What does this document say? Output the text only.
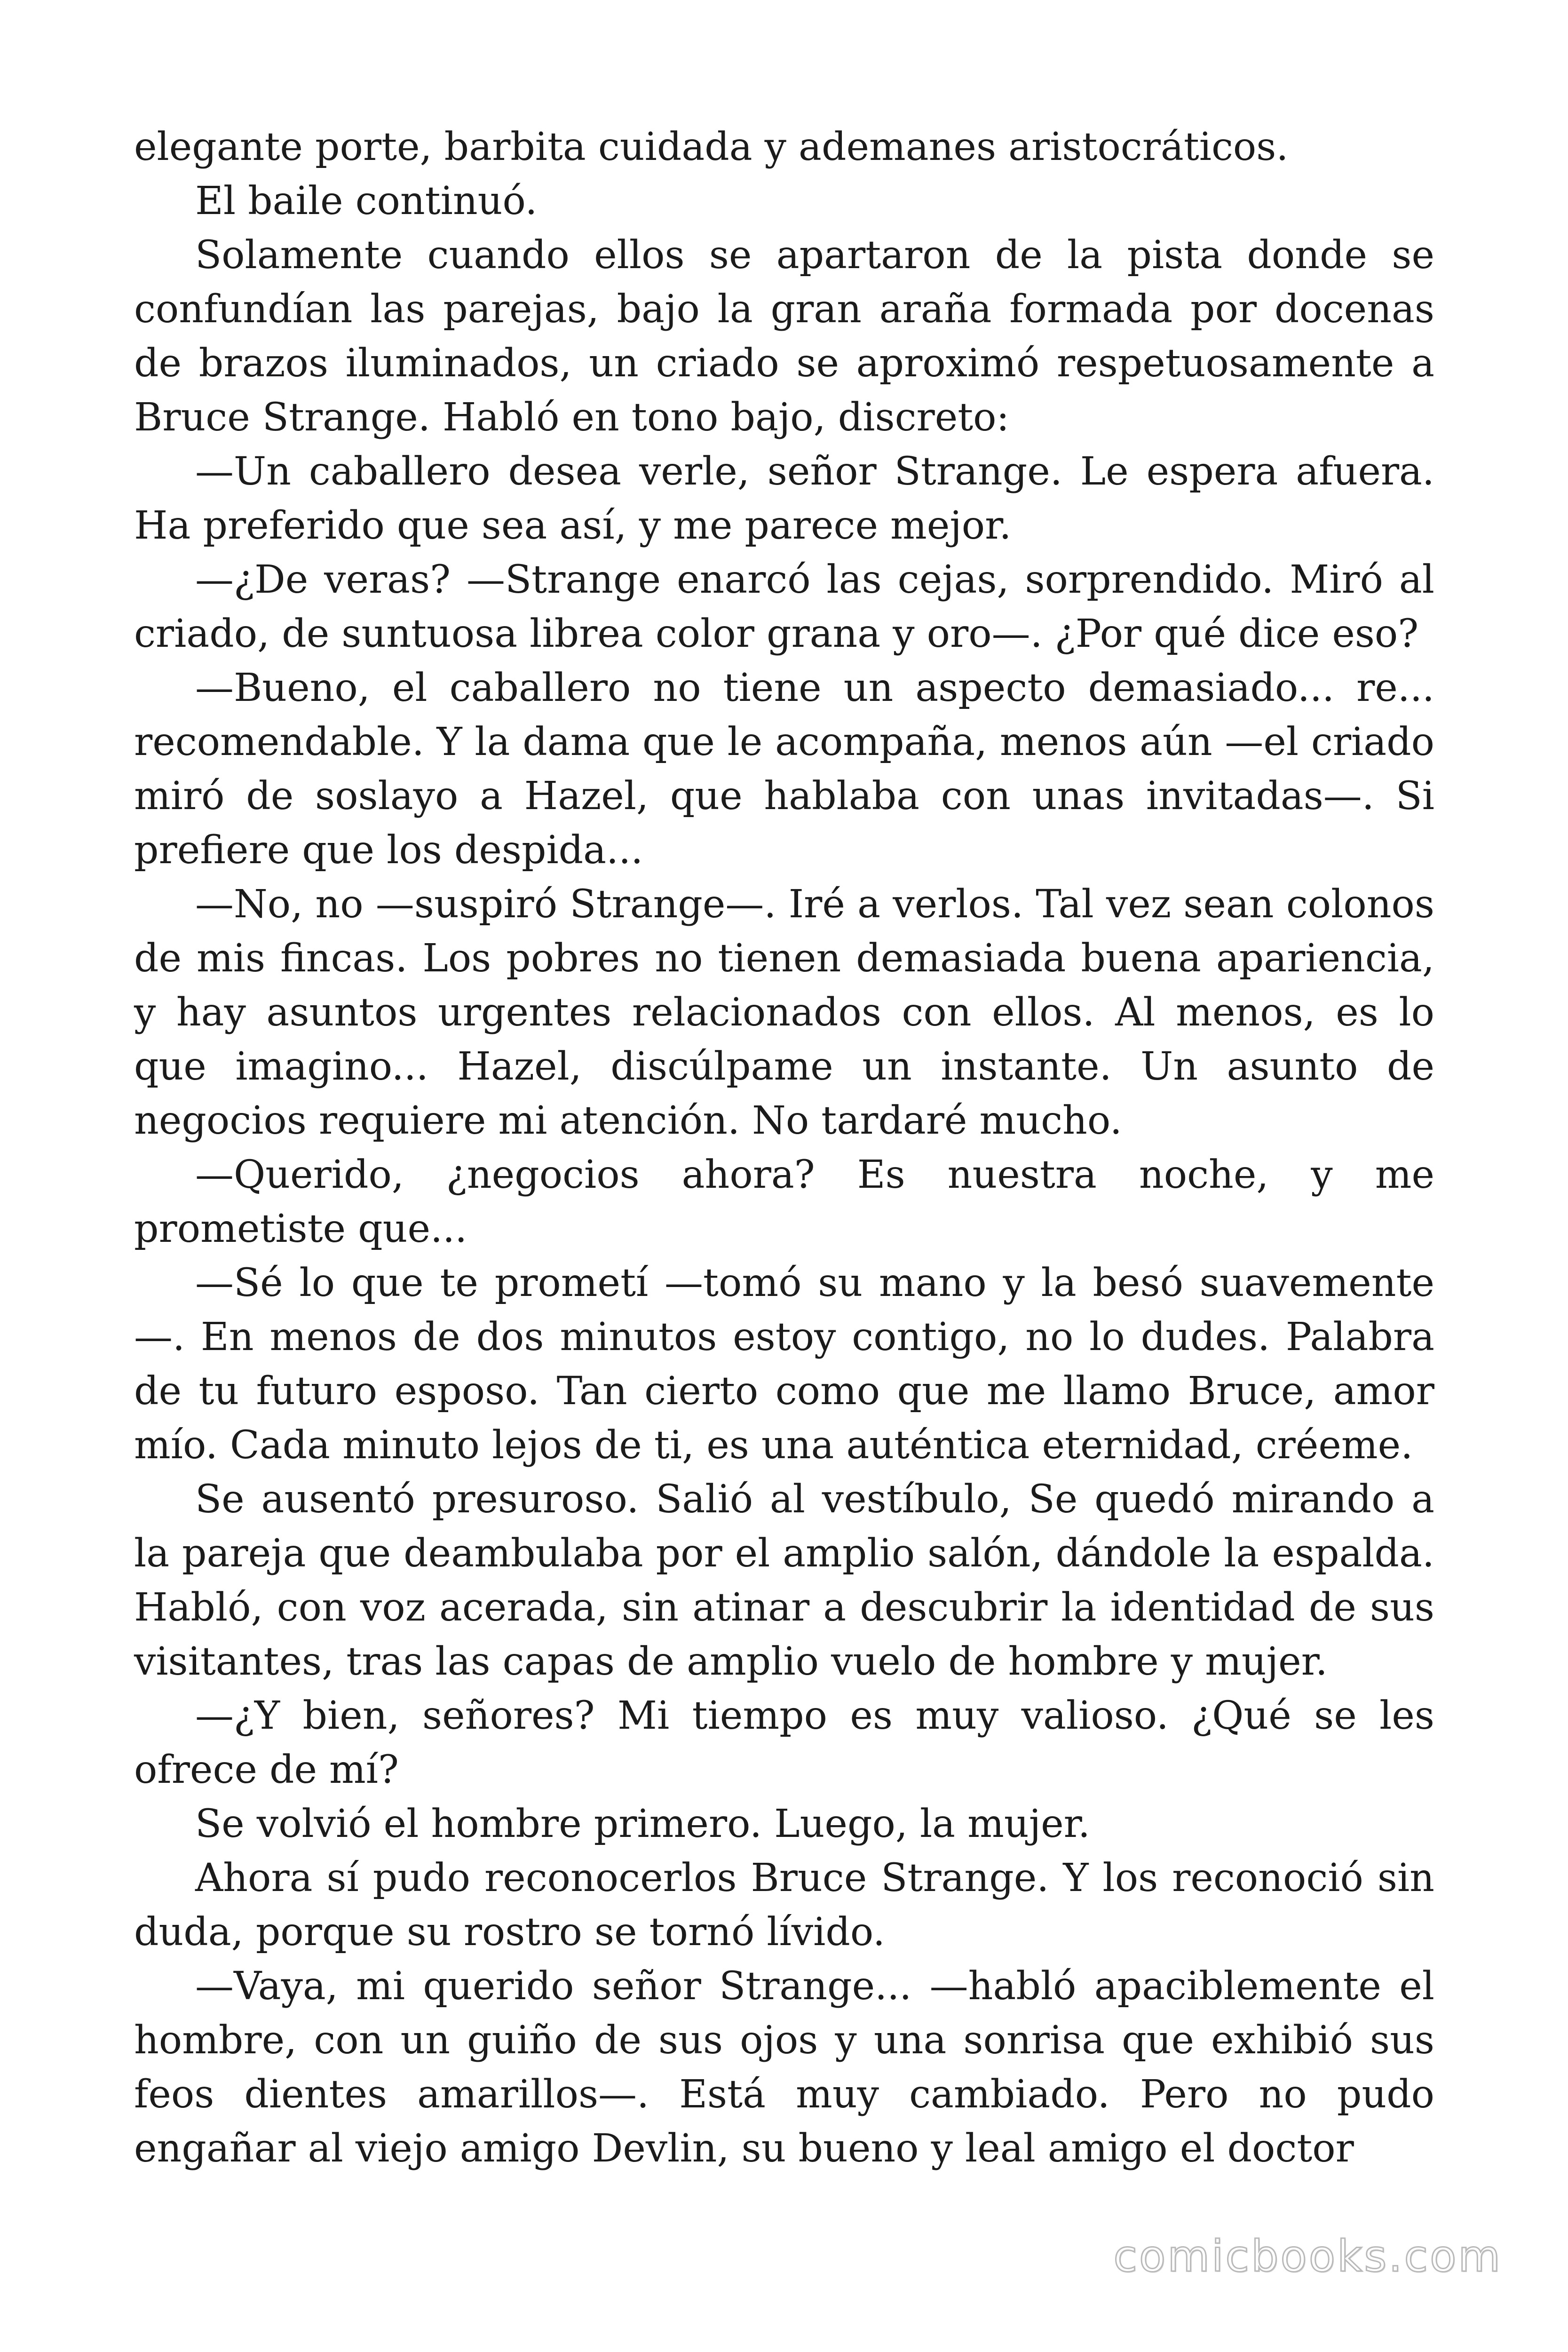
elegante porte, barbita cuidada y ademanes aristocráticos.

El baile continuó.

Solamente cuando ellos se apartaron de la pista donde se confundían las parejas, bajo la gran araña formada por docenas de brazos iluminados, un criado se aproximó respetuosamente a Bruce Strange. Habló en tono bajo, discreto:

—Un caballero desea verle, señor Strange. Le espera afuera. Ha preferido que sea así, y me parece mejor.

—¿De veras? —Strange enarcó las cejas, sorprendido. Miró al criado, de suntuosa librea color grana y oro—. ¿Por qué dice eso?

—Bueno, el caballero no tiene un aspecto demasiado... re... recomendable. Y la dama que le acompaña, menos aún —el criado miró de soslayo a Hazel, que hablaba con unas invitadas—. Si prefiere que los despida...

—No, no —suspiró Strange—. Iré a verlos. Tal vez sean colonos de mis fincas. Los pobres no tienen demasiada buena apariencia, y hay asuntos urgentes relacionados con ellos. Al menos, es lo que imagino... Hazel, discúlpame un instante. Un asunto de negocios requiere mi atención. No tardaré mucho.

—Querido, ¿negocios ahora? Es nuestra noche, y me prometiste que...

—Sé lo que te prometí —tomó su mano y la besó suavemente—. En menos de dos minutos estoy contigo, no lo dudes. Palabra de tu futuro esposo. Tan cierto como que me llamo Bruce, amor mío. Cada minuto lejos de ti, es una auténtica eternidad, créeme.

Se ausentó presuroso. Salió al vestíbulo, Se quedó mirando a la pareja que deambulaba por el amplio salón, dándole la espalda. Habló, con voz acerada, sin atinar a descubrir la identidad de sus visitantes, tras las capas de amplio vuelo de hombre y mujer.

—¿Y bien, señores? Mi tiempo es muy valioso. ¿Qué se les ofrece de mí?

Se volvió el hombre primero. Luego, la mujer.

Ahora sí pudo reconocerlos Bruce Strange. Y los reconoció sin duda, porque su rostro se tornó lívido.

—Vaya, mi querido señor Strange... —habló apaciblemente el hombre, con un guiño de sus ojos y una sonrisa que exhibió sus feos dientes amarillos—. Está muy cambiado. Pero no pudo engañar al viejo amigo Devlin, su bueno y leal amigo el doctor

comicbooks.com
